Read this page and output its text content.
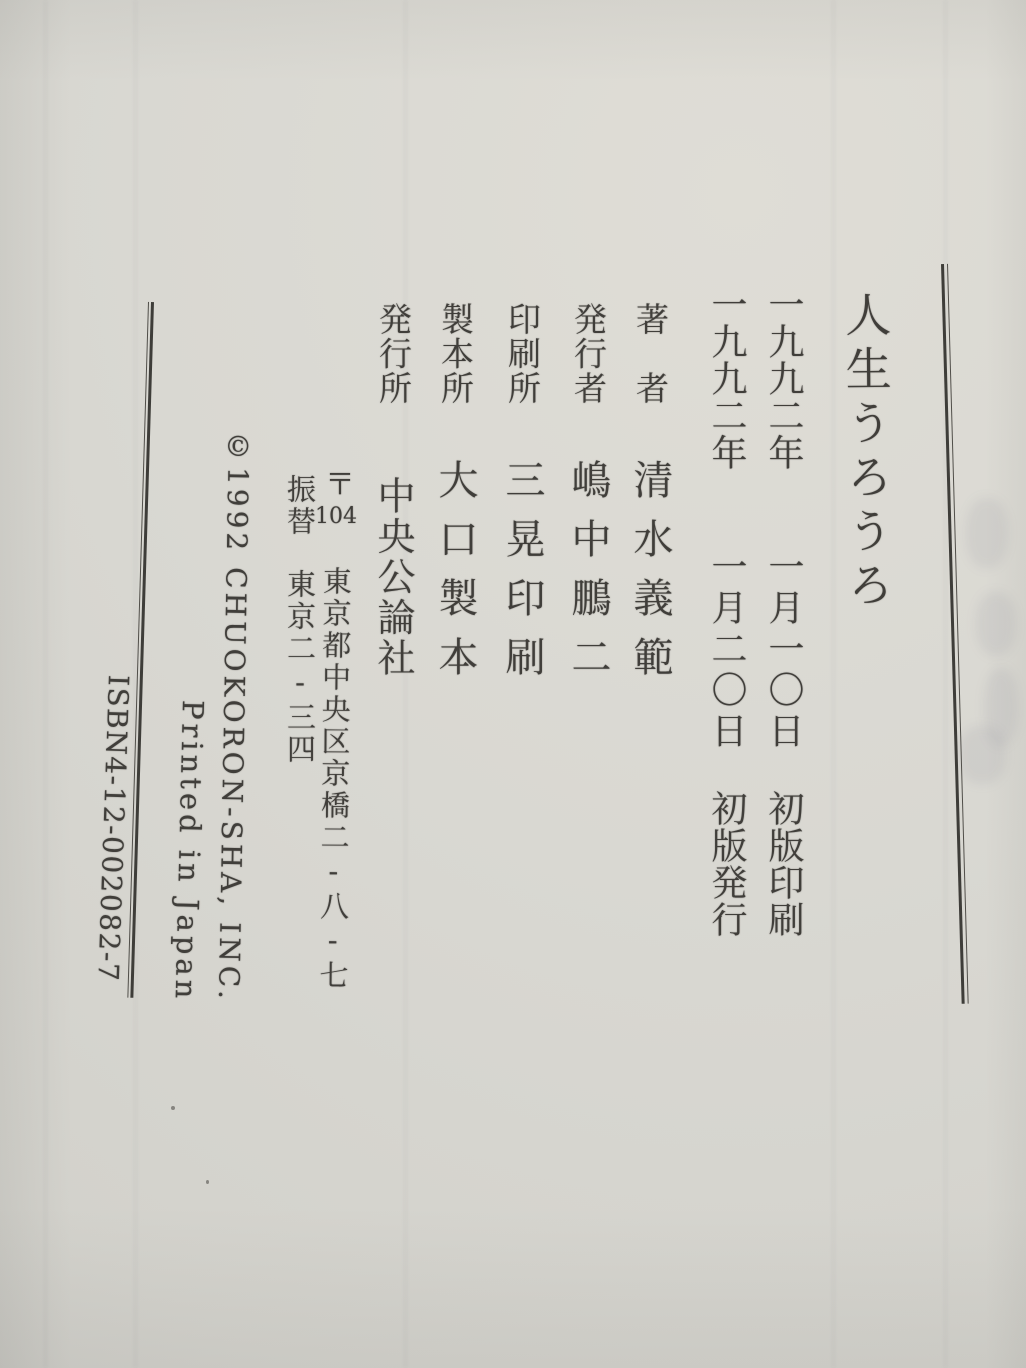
人生うろうろ
一九九二年
一月一〇日
初版印刷
一九九二年
一月二〇日
初版発行
著　者
発行者
印刷所
製本所
発行所
清水義範
嶋中鵬二
三晃印刷
大口製本
中央公論社
〒
104
東京都中央区京橋二-八-七
振替
東京二-三四
©1992 CHUOKORON-SHA, INC.
Printed in Japan
ISBN4-12-002082-7
